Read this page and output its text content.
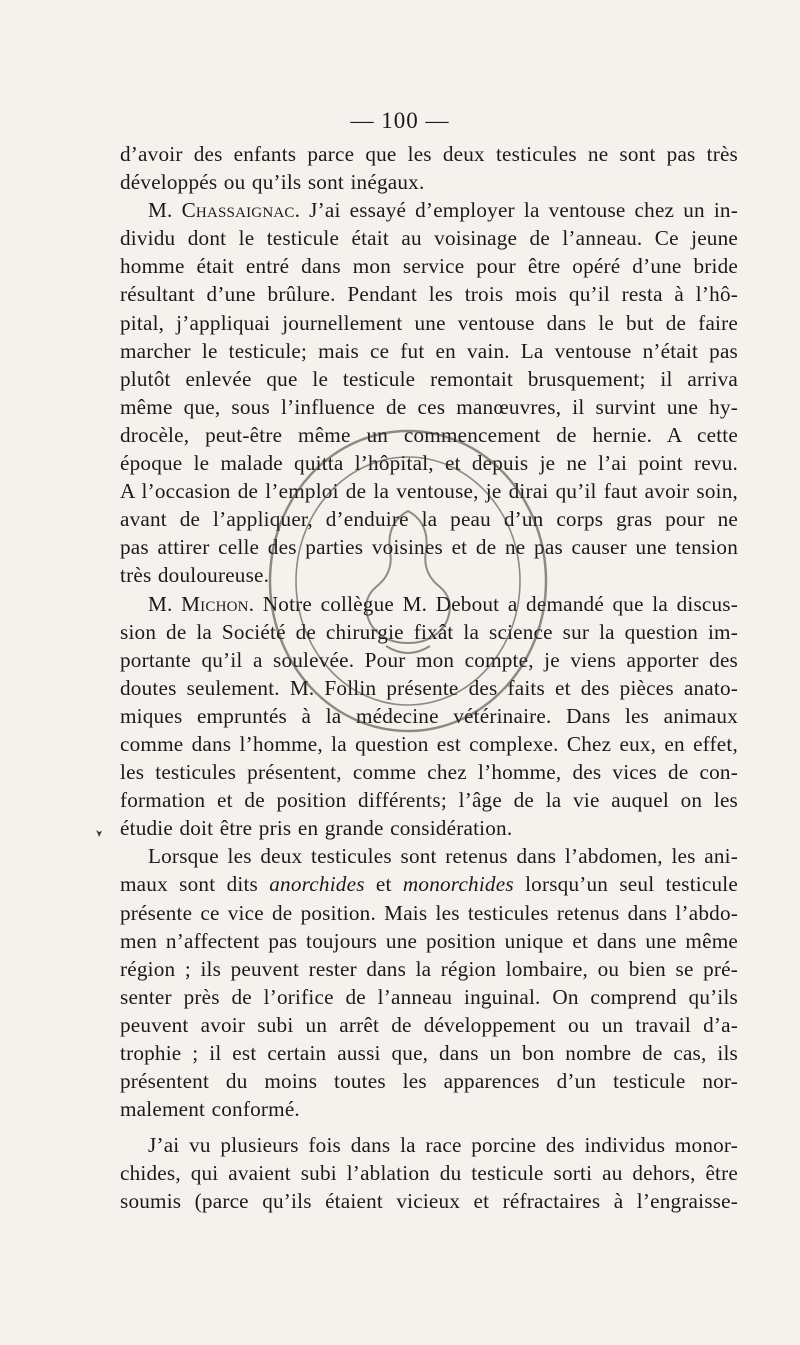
— 100 —

d’avoir des enfants parce que les deux testicules ne sont pas très
développés ou qu’ils sont inégaux.

M. Chassaignac. J’ai essayé d’employer la ventouse chez un in-
dividu dont le testicule était au voisinage de l’anneau. Ce jeune
homme était entré dans mon service pour être opéré d’une bride
résultant d’une brûlure. Pendant les trois mois qu’il resta à l’hô-
pital, j’appliquai journellement une ventouse dans le but de faire
marcher le testicule; mais ce fut en vain. La ventouse n’était pas
plutôt enlevée que le testicule remontait brusquement; il arriva
même que, sous l’influence de ces manœuvres, il survint une hy-
drocèle, peut-être même un commencement de hernie. A cette
époque le malade quitta l’hôpital, et depuis je ne l’ai point revu.
A l’occasion de l’emploi de la ventouse, je dirai qu’il faut avoir soin,
avant de l’appliquer, d’enduire la peau d’un corps gras pour ne
pas attirer celle des parties voisines et de ne pas causer une tension
très douloureuse.

M. Michon. Notre collègue M. Debout a demandé que la discus-
sion de la Société de chirurgie fixât la science sur la question im-
portante qu’il a soulevée. Pour mon compte, je viens apporter des
doutes seulement. M. Follin présente des faits et des pièces anato-
miques empruntés à la médecine vétérinaire. Dans les animaux
comme dans l’homme, la question est complexe. Chez eux, en effet,
les testicules présentent, comme chez l’homme, des vices de con-
formation et de position différents; l’âge de la vie auquel on les
étudie doit être pris en grande considération.

Lorsque les deux testicules sont retenus dans l’abdomen, les ani-
maux sont dits anorchides et monorchides lorsqu’un seul testicule
présente ce vice de position. Mais les testicules retenus dans l’abdo-
men n’affectent pas toujours une position unique et dans une même
région ; ils peuvent rester dans la région lombaire, ou bien se pré-
senter près de l’orifice de l’anneau inguinal. On comprend qu’ils
peuvent avoir subi un arrêt de développement ou un travail d’a-
trophie ; il est certain aussi que, dans un bon nombre de cas, ils
présentent du moins toutes les apparences d’un testicule nor-
malement conformé.

J’ai vu plusieurs fois dans la race porcine des individus monor-
chides, qui avaient subi l’ablation du testicule sorti au dehors, être
soumis (parce qu’ils étaient vicieux et réfractaires à l’engraisse-
